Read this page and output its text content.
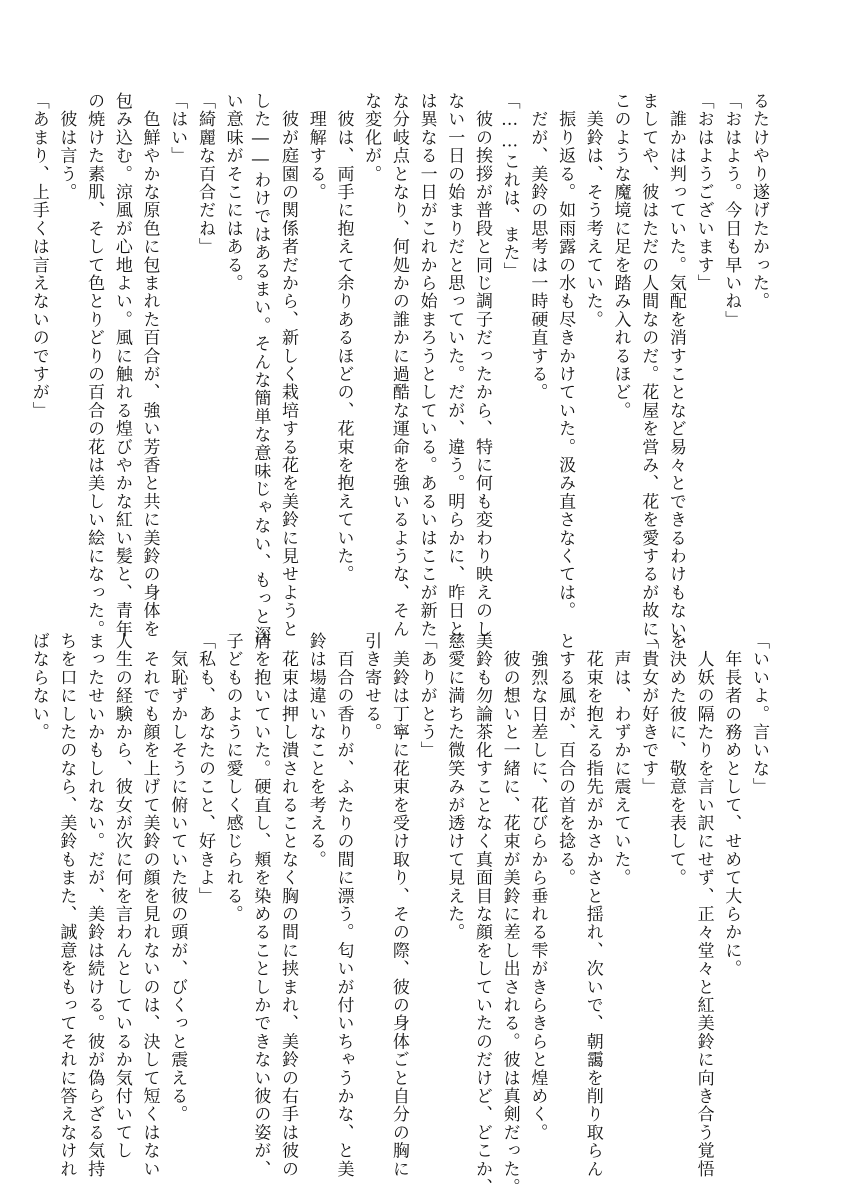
るたけやり遂げたかった。

「おはよう。今日も早いね」

「おはようございます」

　誰かは判っていた。気配を消すことなど易々とできるわけもない、

ましてや、彼はただの人間なのだ。花屋を営み、花を愛するが故に、

このような魔境に足を踏み入れるほど。

　美鈴は、そう考えていた。

　振り返る。如雨露の水も尽きかけていた。汲み直さなくては。

　だが、美鈴の思考は一時硬直する。

「……これは、また」

　彼の挨拶が普段と同じ調子だったから、特に何も変わり映えのし

ない一日の始まりだと思っていた。だが、違う。明らかに、昨日と

は異なる一日がこれから始まろうとしている。あるいはここが新た

な分岐点となり、何処かの誰かに過酷な運命を強いるような、そん

な変化が。

　彼は、両手に抱えて余りあるほどの、花束を抱えていた。

　理解する。

　彼が庭園の関係者だから、新しく栽培する花を美鈴に見せようと

した――わけではあるまい。そんな簡単な意味じゃない、もっと深

い意味がそこにはある。

「綺麗な百合だね」

「はい」

　色鮮やかな原色に包まれた百合が、強い芳香と共に美鈴の身体を

包み込む。涼風が心地よい。風に触れる煌びやかな紅い髪と、青年

の焼けた素肌、そして色とりどりの百合の花は美しい絵になった。

　彼は言う。

「あまり、上手くは言えないのですが」

「いいよ。言いな」

　年長者の務めとして、せめて大らかに。

　人妖の隔たりを言い訳にせず、正々堂々と紅美鈴に向き合う覚悟

を決めた彼に、敬意を表して。

「貴女が好きです」

　声は、わずかに震えていた。

　花束を抱える指先がかさかさと揺れ、次いで、朝靄を削り取らん

とする風が、百合の首を捻る。

　強烈な日差しに、花びらから垂れる雫がきらきらと煌めく。

　彼の想いと一緒に、花束が美鈴に差し出される。彼は真剣だった。

美鈴も勿論茶化すことなく真面目な顔をしていたのだけど、どこか、

慈愛に満ちた微笑みが透けて見えた。

「ありがとう」

　美鈴は丁寧に花束を受け取り、その際、彼の身体ごと自分の胸に

引き寄せる。

　百合の香りが、ふたりの間に漂う。匂いが付いちゃうかな、と美

鈴は場違いなことを考える。

　花束は押し潰されることなく胸の間に挟まれ、美鈴の右手は彼の

肩を抱いていた。硬直し、頬を染めることしかできない彼の姿が、

子どものように愛しく感じられる。

「私も、あなたのこと、好きよ」

　気恥ずかしそうに俯いていた彼の頭が、びくっと震える。

　それでも顔を上げて美鈴の顔を見れないのは、決して短くはない

人生の経験から、彼女が次に何を言わんとしているか気付いてし

まったせいかもしれない。だが、美鈴は続ける。彼が偽らざる気持

ちを口にしたのなら、美鈴もまた、誠意をもってそれに答えなけれ

ばならない。
